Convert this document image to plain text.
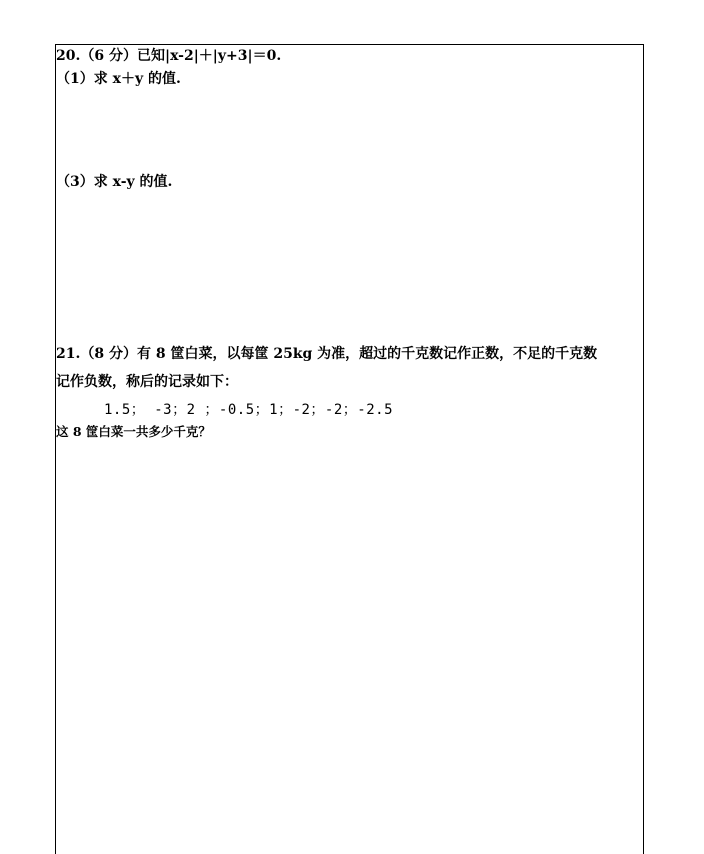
20.（6 分）已知|x-2|＋|y+3|＝0.
（1）求 x＋y 的值.
（3）求 x-y 的值.
21.（8 分）有 8 筐白菜，以每筐 25kg 为准，超过的千克数记作正数，不足的千克数
记作负数，称后的记录如下：
1.5； -3；2 ；-0.5；1；-2；-2；-2.5
这 8 筐白菜一共多少千克？
